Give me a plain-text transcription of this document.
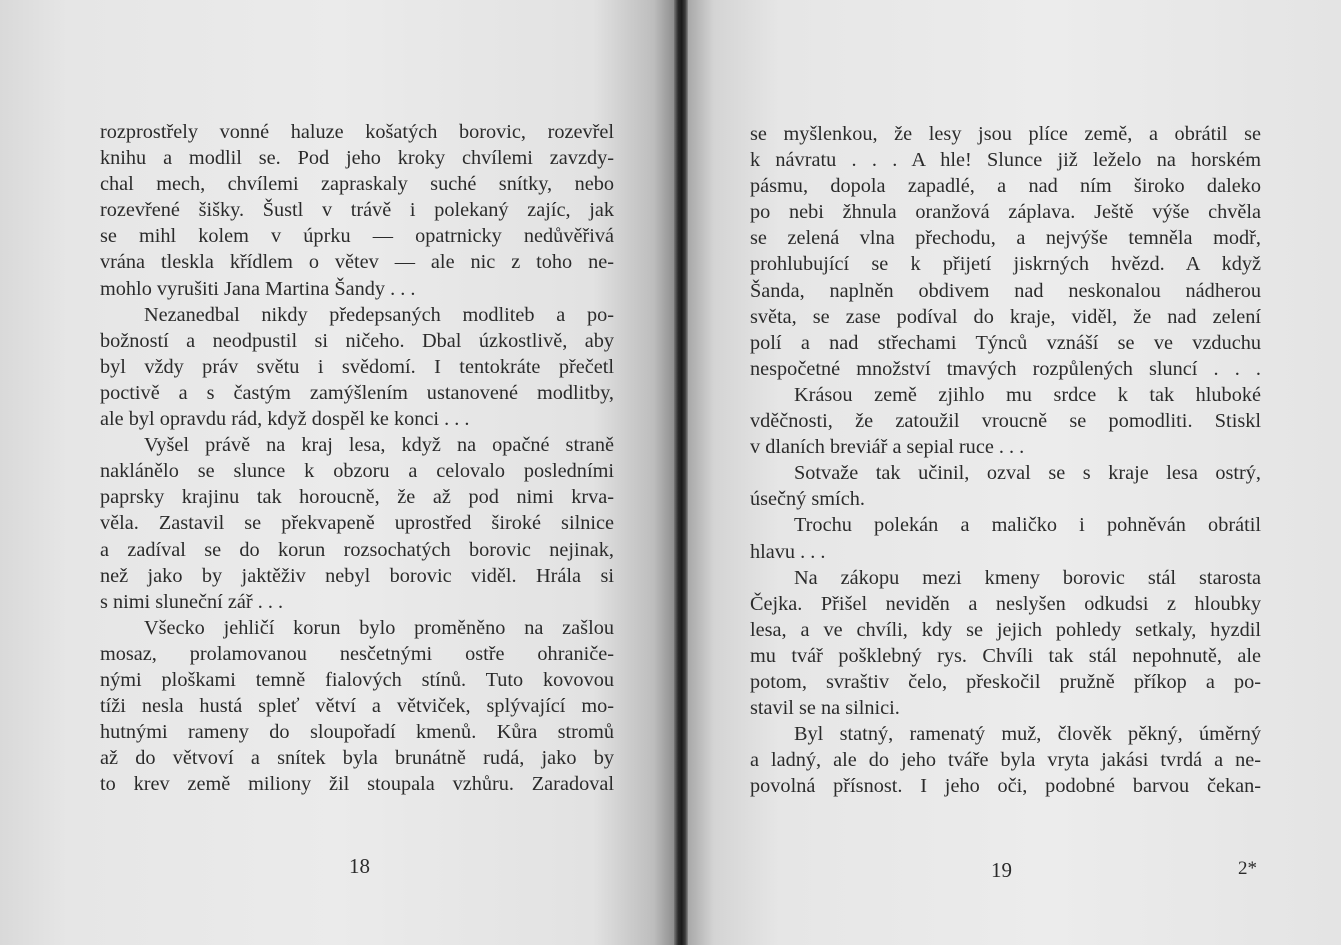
rozprostřely vonné haluze košatých borovic, rozevřel
knihu a modlil se. Pod jeho kroky chvílemi zavzdy-
chal mech, chvílemi zapraskaly suché snítky, nebo
rozevřené šišky. Šustl v trávě i polekaný zajíc, jak
se mihl kolem v úprku — opatrnicky nedůvěřivá
vrána tleskla křídlem o větev — ale nic z toho ne-
mohlo vyrušiti Jana Martina Šandy . . .
Nezanedbal nikdy předepsaných modliteb a po-
božností a neodpustil si ničeho. Dbal úzkostlivě, aby
byl vždy práv světu i svědomí. I tentokráte přečetl
poctivě a s častým zamýšlením ustanovené modlitby,
ale byl opravdu rád, když dospěl ke konci . . .
Vyšel právě na kraj lesa, když na opačné straně
naklánělo se slunce k obzoru a celovalo posledními
paprsky krajinu tak horoucně, že až pod nimi krva-
věla. Zastavil se překvapeně uprostřed široké silnice
a zadíval se do korun rozsochatých borovic nejinak,
než jako by jaktěživ nebyl borovic viděl. Hrála si
s nimi sluneční zář . . .
Všecko jehličí korun bylo proměněno na zašlou
mosaz, prolamovanou nesčetnými ostře ohraniče-
nými ploškami temně fialových stínů. Tuto kovovou
tíži nesla hustá spleť větví a větviček, splývající mo-
hutnými rameny do sloupořadí kmenů. Kůra stromů
až do větvoví a snítek byla brunátně rudá, jako by
to krev země miliony žil stoupala vzhůru. Zaradoval
18
se myšlenkou, že lesy jsou plíce země, a obrátil se
k návratu . . . A hle! Slunce již leželo na horském
pásmu, dopola zapadlé, a nad ním široko daleko
po nebi žhnula oranžová záplava. Ještě výše chvěla
se zelená vlna přechodu, a nejvýše temněla modř,
prohlubující se k přijetí jiskrných hvězd. A když
Šanda, naplněn obdivem nad neskonalou nádherou
světa, se zase podíval do kraje, viděl, že nad zelení
polí a nad střechami Týnců vznáší se ve vzduchu
nespočetné množství tmavých rozpůlených sluncí . . .
Krásou země zjihlo mu srdce k tak hluboké
vděčnosti, že zatoužil vroucně se pomodliti. Stiskl
v dlaních breviář a sepial ruce . . .
Sotvaže tak učinil, ozval se s kraje lesa ostrý,
úsečný smích.
Trochu polekán a maličko i pohněván obrátil
hlavu . . .
Na zákopu mezi kmeny borovic stál starosta
Čejka. Přišel neviděn a neslyšen odkudsi z hloubky
lesa, a ve chvíli, kdy se jejich pohledy setkaly, hyzdil
mu tvář pošklebný rys. Chvíli tak stál nepohnutě, ale
potom, svraštiv čelo, přeskočil pružně příkop a po-
stavil se na silnici.
Byl statný, ramenatý muž, člověk pěkný, úměrný
a ladný, ale do jeho tváře byla vryta jakási tvrdá a ne-
povolná přísnost. I jeho oči, podobné barvou čekan-
19	2*
